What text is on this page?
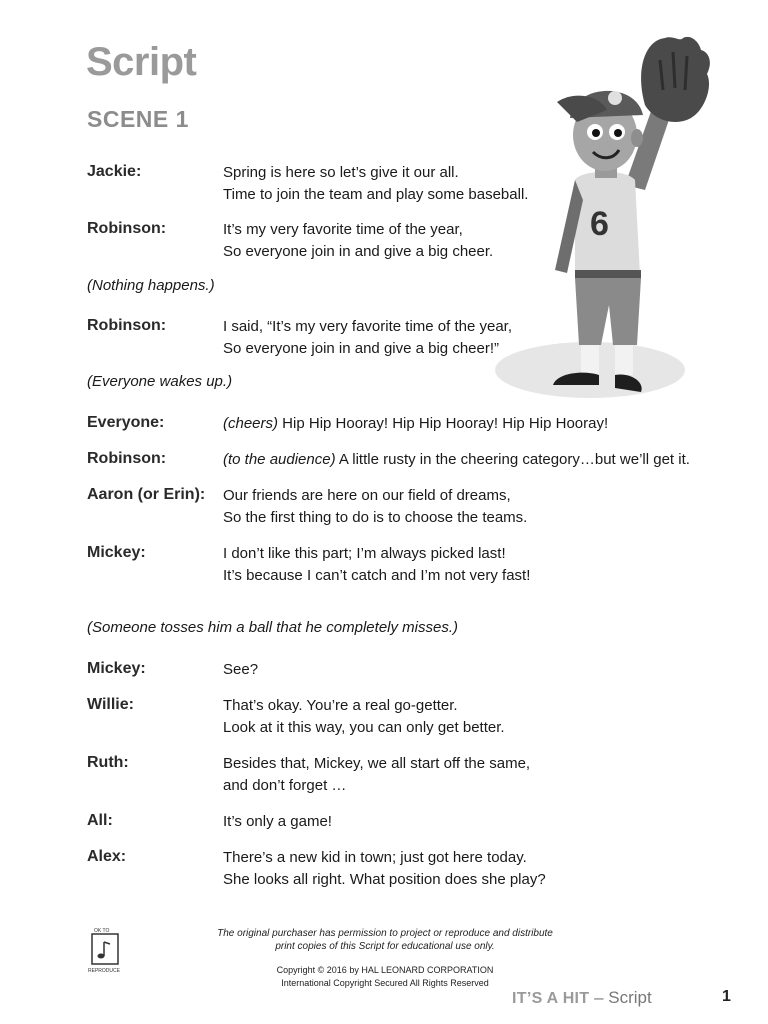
Script
SCENE 1
6
Jackie:	Spring is here so let’s give it our all.
Time to join the team and play some baseball.
Robinson:	It’s my very favorite time of the year,
So everyone join in and give a big cheer.
(Nothing happens.)
Robinson:	I said, “It’s my very favorite time of the year,
So everyone join in and give a big cheer!”
(Everyone wakes up.)
Everyone:	(cheers) Hip Hip Hooray! Hip Hip Hooray! Hip Hip Hooray!
Robinson:	(to the audience) A little rusty in the cheering category…but we’ll get it.
Aaron (or Erin):	Our friends are here on our field of dreams,
So the first thing to do is to choose the teams.
Mickey:	I don’t like this part; I’m always picked last!
It’s because I can’t catch and I’m not very fast!
(Someone tosses him a ball that he completely misses.)
Mickey:	See?
Willie:	That’s okay. You’re a real go-getter.
Look at it this way, you can only get better.
Ruth:	Besides that, Mickey, we all start off the same,
and don’t forget …
All:	It’s only a game!
Alex:	There’s a new kid in town; just got here today.
She looks all right. What position does she play?
OK TO
REPRODUCE
The original purchaser has permission to project or reproduce and distribute
print copies of this Script for educational use only.
Copyright © 2016 by HAL LEONARD CORPORATION
International Copyright Secured All Rights Reserved
IT’S A HIT – Script	1
